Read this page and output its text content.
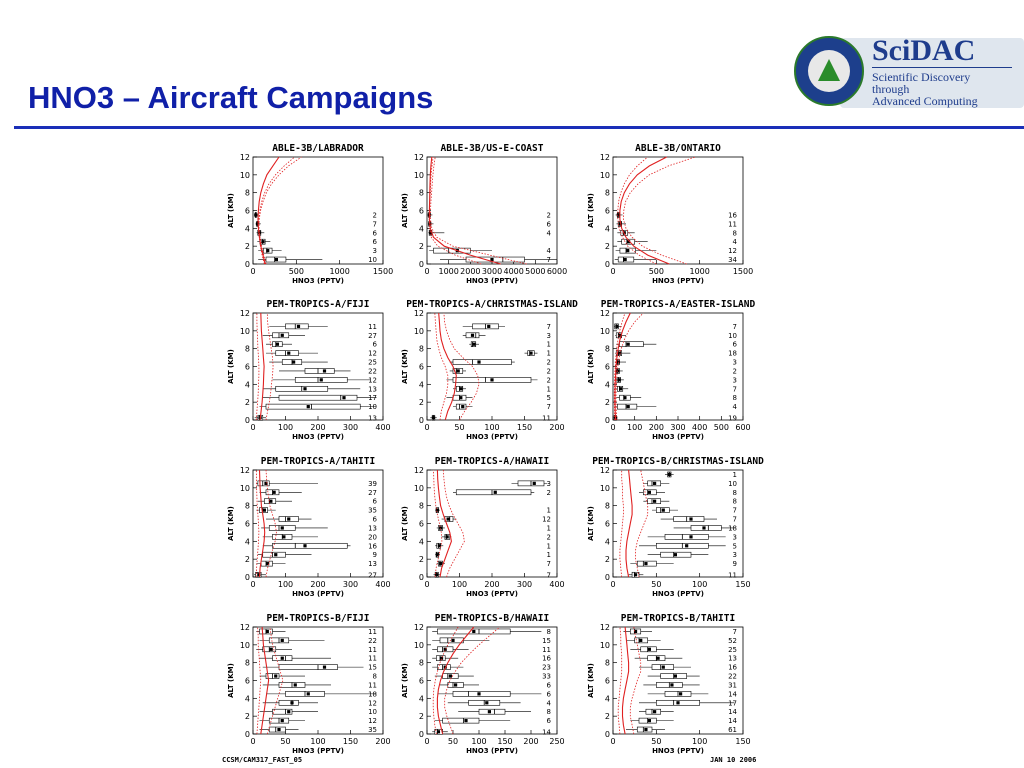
HNO3 – Aircraft Campaigns
SciDAC
Scientific Discovery
through
Advanced Computing
ABLE-3B/LABRADOR
0
2
4
6
8
10
12
ALT (KM)
0	500	1000	1500
HNO3 (PPTV)
10
3
6
6
7
2
ABLE-3B/US-E-COAST
0
2
4
6
8
10
12
ALT (KM)
0 1000 2000 3000 4000 5000 6000
HNO3 (PPTV)
7
4
4
6
2
ABLE-3B/ONTARIO
0
2
4
6
8
10
12
ALT (KM)
0	500	1000	1500
HNO3 (PPTV)
34
12
4
8
11
16
PEM-TROPICS-A/FIJI
0
2
4
6
8
10
12
ALT (KM)
0	100 200 300 400
HNO3 (PPTV)
13
10
17
13
12
22
25
12
6
27
11
PEM-TROPICS-A/CHRISTMAS-ISLAND
0
2
4
6
8
10
12
ALT (KM)
0	50 100 150 200
HNO3 (PPTV)
11
7
5
1
2
2
2
1
1
3
7
PEM-TROPICS-A/EASTER-ISLAND
0
2
4
6
8
10
12
ALT (KM)
0 100 200 300 400 500 600
HNO3 (PPTV)
19
4
8
7
3
2
3
18
6
10
7
PEM-TROPICS-A/TAHITI
0
2
4
6
8
10
12
ALT (KM)
0	100 200 300 400
HNO3 (PPTV)
27
13
9
16
20
13
6
35
6
27
39
PEM-TROPICS-A/HAWAII
0
2
4
6
8
10
12
ALT (KM)
0	100 200 300 400
HNO3 (PPTV)
7
7
1
1
2
1
12
1
2
3
PEM-TROPICS-B/CHRISTMAS-ISLAND
0
2
4
6
8
10
12
ALT (KM)
0	50	100	150
HNO3 (PPTV)
11
9
3
5
3
18
7
7
8
8
10
1
PEM-TROPICS-B/FIJI
0
2
4
6
8
10
12
ALT (KM)
0	50 100 150 200
HNO3 (PPTV)
35
12
10
12
18
11
8
15
11
11
22
11
PEM-TROPICS-B/HAWAII
0
2
4
6
8
10
12
ALT (KM)
0 50 100 150 200 250
HNO3 (PPTV)
14
6
8
4
6
6
33
23
16
11
15
8
PEM-TROPICS-B/TAHITI
0
2
4
6
8
10
12
ALT (KM)
0	50	100	150
HNO3 (PPTV)
61
14
14
17
14
31
22
16
13
25
52
7
CCSM/CAM317_FAST_05	JAN 10 2006
